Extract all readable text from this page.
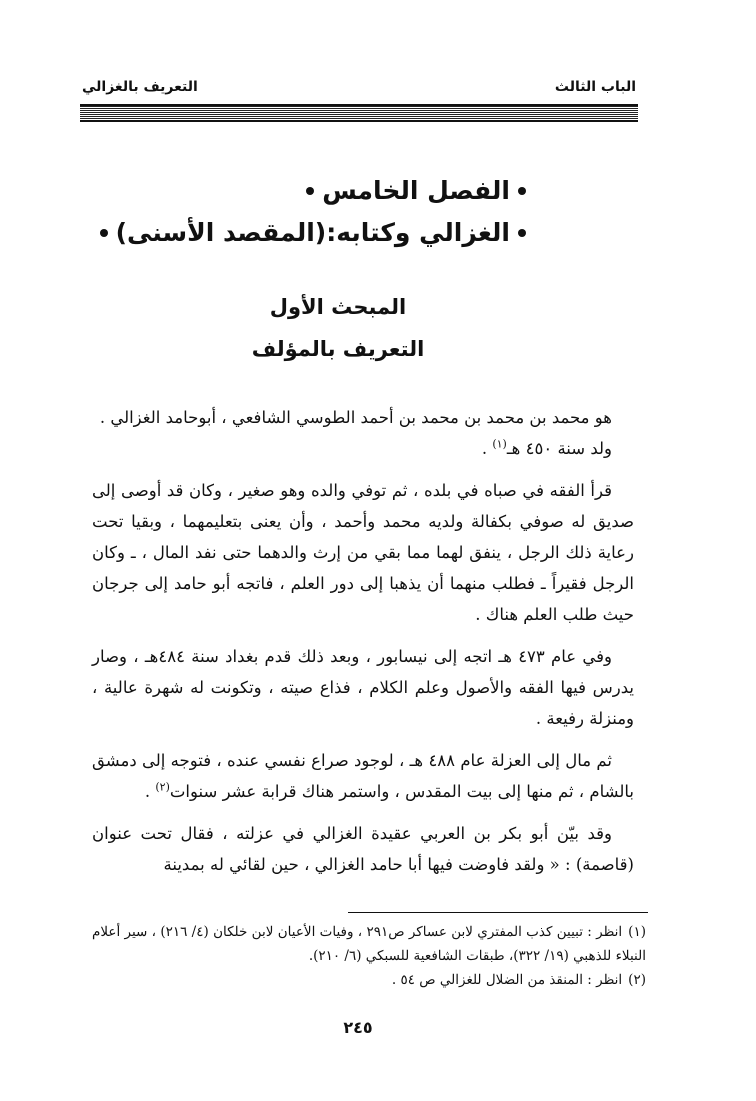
الباب الثالث
التعريف بالغزالي
الفصل الخامس
الغزالي وكتابه:(المقصد الأسنى)
المبحث الأول
التعريف بالمؤلف

هو محمد بن محمد بن محمد بن أحمد الطوسي الشافعي ، أبوحامد الغزالي .
ولد سنة ٤٥٠ هـ$^{(١)}$ .

قرأ الفقه في صباه في بلده ، ثم توفي والده وهو صغير ، وكان قد أوصى إلى صديق له صوفي بكفالة ولديه محمد وأحمد ، وأن يعنى بتعليمهما ، وبقيا تحت رعاية ذلك الرجل ، ينفق لهما مما بقي من إرث والدهما حتى نفد المال ، ـ وكان الرجل فقيراً ـ فطلب منهما أن يذهبا إلى دور العلم ، فاتجه أبو حامد إلى جرجان حيث طلب العلم هناك .

وفي عام ٤٧٣ هـ اتجه إلى نيسابور ، وبعد ذلك قدم بغداد سنة ٤٨٤هـ ، وصار يدرس فيها الفقه والأصول وعلم الكلام ، فذاع صيته ، وتكونت له شهرة عالية ، ومنزلة رفيعة .

ثم مال إلى العزلة عام ٤٨٨ هـ ، لوجود صراع نفسي عنده ، فتوجه إلى دمشق بالشام ، ثم منها إلى بيت المقدس ، واستمر هناك قرابة عشر سنوات$^{(٢)}$ .

وقد بيّن أبو بكر بن العربي عقيدة الغزالي في عزلته ، فقال تحت عنوان (قاصمة) : « ولقد فاوضت فيها أبا حامد الغزالي ، حين لقائي له بمدينة

(١)انظر : تبيين كذب المفتري لابن عساكر ص٢٩١ ، وفيات الأعيان لابن خلكان (٤/ ٢١٦) ، سير أعلام النبلاء للذهبي (١٩/ ٣٢٢)، طبقات الشافعية للسبكي (٦/ ٢١٠).

(٢)انظر : المنقذ من الضلال للغزالي ص ٥٤ .

٢٤٥
